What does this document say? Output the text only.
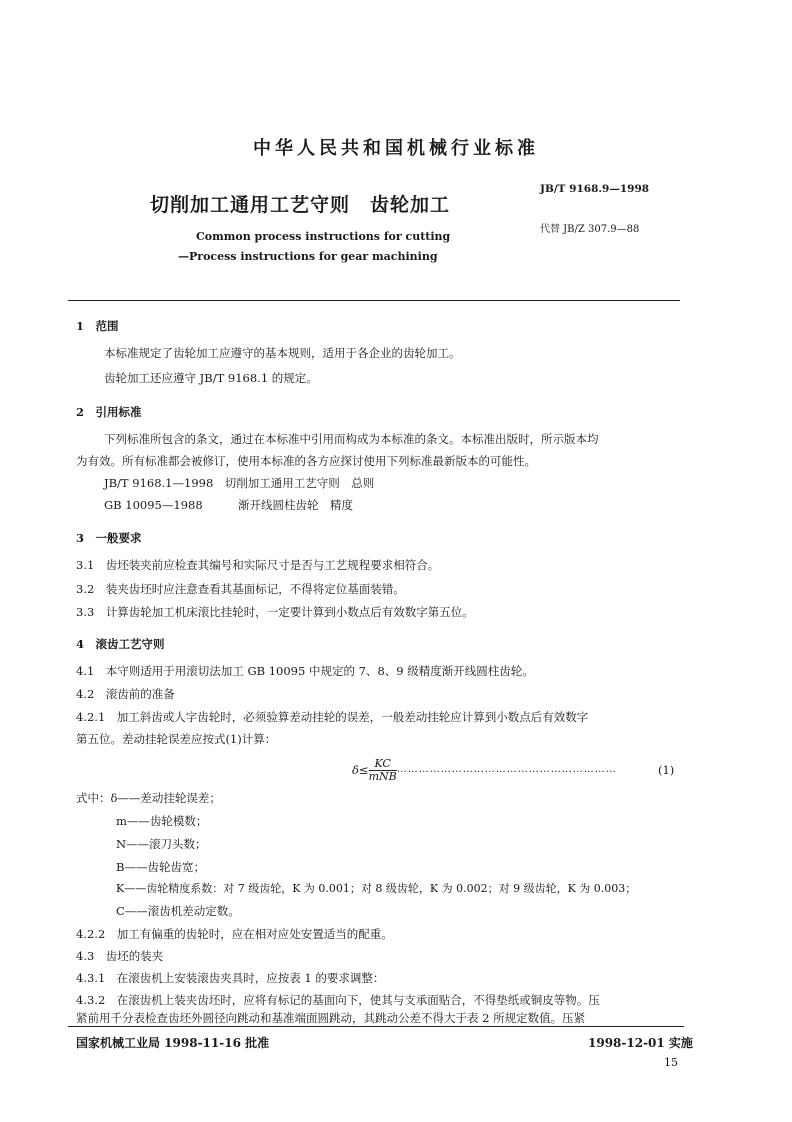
中华人民共和国机械行业标准
切削加工通用工艺守则　齿轮加工
Common process instructions for cutting
—Process instructions for gear machining
JB/T 9168.9—1998
代替 JB/Z 307.9—88
1　范围
本标准规定了齿轮加工应遵守的基本规则，适用于各企业的齿轮加工。
齿轮加工还应遵守 JB/T 9168.1 的规定。
2　引用标准
下列标准所包含的条文，通过在本标准中引用而构成为本标准的条文。本标准出版时，所示版本均
为有效。所有标准都会被修订，使用本标准的各方应探讨使用下列标准最新版本的可能性。
JB/T 9168.1—1998　切削加工通用工艺守则　总则
GB 10095—1988	渐开线圆柱齿轮　精度
3　一般要求
3.1　齿坯装夹前应检查其编号和实际尺寸是否与工艺规程要求相符合。
3.2　装夹齿坯时应注意查看其基面标记，不得将定位基面装错。
3.3　计算齿轮加工机床滚比挂轮时，一定要计算到小数点后有效数字第五位。
4　滚齿工艺守则
4.1　本守则适用于用滚切法加工 GB 10095 中规定的 7、8、9 级精度渐开线圆柱齿轮。
4.2　滚齿前的准备
4.2.1　加工斜齿或人字齿轮时，必须验算差动挂轮的误差，一般差动挂轮应计算到小数点后有效数字
第五位。差动挂轮误差应按式(1)计算：
$\delta\le \frac{KC}{\text{mNB}}$ ……………………………………………………	(1)
式中：δ——差动挂轮误差；
m——齿轮模数；
N——滚刀头数；
B——齿轮齿宽；
K——齿轮精度系数：对 7 级齿轮，K 为 0.001；对 8 级齿轮，K 为 0.002；对 9 级齿轮，K 为 0.003；
C——滚齿机差动定数。
4.2.2　加工有偏重的齿轮时，应在相对应处安置适当的配重。
4.3　齿坯的装夹
4.3.1　在滚齿机上安装滚齿夹具时，应按表 1 的要求调整：
4.3.2　在滚齿机上装夹齿坯时，应将有标记的基面向下，使其与支承面贴合，不得垫纸或铜皮等物。压
紧前用千分表检查齿坯外圆径向跳动和基准端面圆跳动，其跳动公差不得大于表 2 所规定数值。压紧
国家机械工业局 1998-11-16 批准	1998-12-01 实施
15
